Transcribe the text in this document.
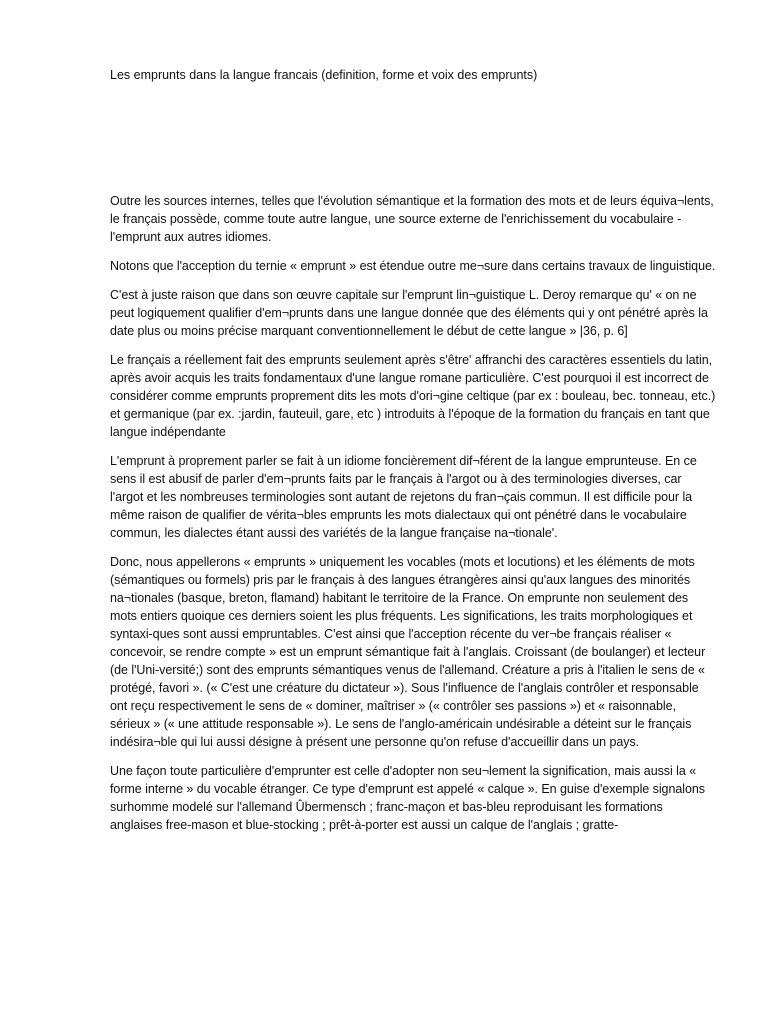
Les emprunts dans la langue francais (definition, forme et voix des emprunts)

Outre les sources internes, telles que l'évolution sémantique et la formation des mots et de leurs équiva¬lents, le français possède, comme toute autre langue, une source externe de l'enrichissement du vocabulaire - l'emprunt aux autres idiomes.

Notons que l'acception du ternie « emprunt » est étendue outre me¬sure dans certains travaux de linguistique.

C'est à juste raison que dans son œuvre capitale sur l'emprunt lin¬guistique L. Deroy remarque qu' « on ne peut logiquement qualifier d'em¬prunts dans une langue donnée que des éléments qui y ont pénétré après la date plus ou moins précise marquant conventionnellement le début de cette langue » |36, p. 6]

Le français a réellement fait des emprunts seulement après s'être' affranchi des caractères essentiels du latin, après avoir acquis les traits fondamentaux d'une langue romane particulière. C'est pourquoi il est incorrect de considérer comme emprunts proprement dits les mots d'ori¬gine celtique (par ex : bouleau, bec. tonneau, etc.) et germanique (par ex. :jardin, fauteuil, gare, etc ) introduits à l'époque de la formation du français en tant que langue indépendante

L'emprunt à proprement parler se fait à un idiome foncièrement dif¬férent de la langue emprunteuse. En ce sens il est abusif de parler d'em¬prunts faits par le français à l'argot ou à des terminologies diverses, car l'argot et les nombreuses terminologies sont autant de rejetons du fran¬çais commun. Il est difficile pour la même raison de qualifier de vérita¬bles emprunts les mots dialectaux qui ont pénétré dans le vocabulaire commun, les dialectes étant aussi des variétés de la langue française na¬tionale'.

Donc, nous appellerons « emprunts » uniquement les vocables (mots et locutions) et les éléments de mots (sémantiques ou formels) pris par le français à des langues étrangères ainsi qu'aux langues des minorités na¬tionales (basque, breton, flamand) habitant le territoire de la France. On emprunte non seulement des mots entiers quoique ces derniers soient les plus fréquents. Les significations, les traits morphologiques et syntaxi-ques sont aussi empruntables. C'est ainsi que l'acception récente du ver¬be français réaliser « concevoir, se rendre compte » est un emprunt sémantique fait à l'anglais. Croissant (de boulanger) et lecteur (de l'Uni-versité;) sont des emprunts sémantiques venus de l'allemand. Créature a pris à l'italien le sens de « protégé, favori ». (« C'est une créature du dictateur »). Sous l'influence de l'anglais contrôler et responsable ont reçu respectivement le sens de « dominer, maîtriser » (« contrôler ses passions ») et « raisonnable, sérieux » (« une attitude responsable »). Le sens de l'anglo-américain undésirable a déteint sur le français indésira¬ble qui lui aussi désigne à présent une personne qu'on refuse d'accueillir dans un pays.

Une façon toute particulière d'emprunter est celle d'adopter non seu¬lement la signification, mais aussi la « forme interne » du vocable étranger. Ce type d'emprunt est appelé « calque ». En guise d'exemple signalons surhomme modelé sur l'allemand Ûbermensch ; franc-maçon et bas-bleu reproduisant les formations anglaises free-mason et blue-stocking ; prêt-à-porter est aussi un calque de l'anglais ; gratte-
